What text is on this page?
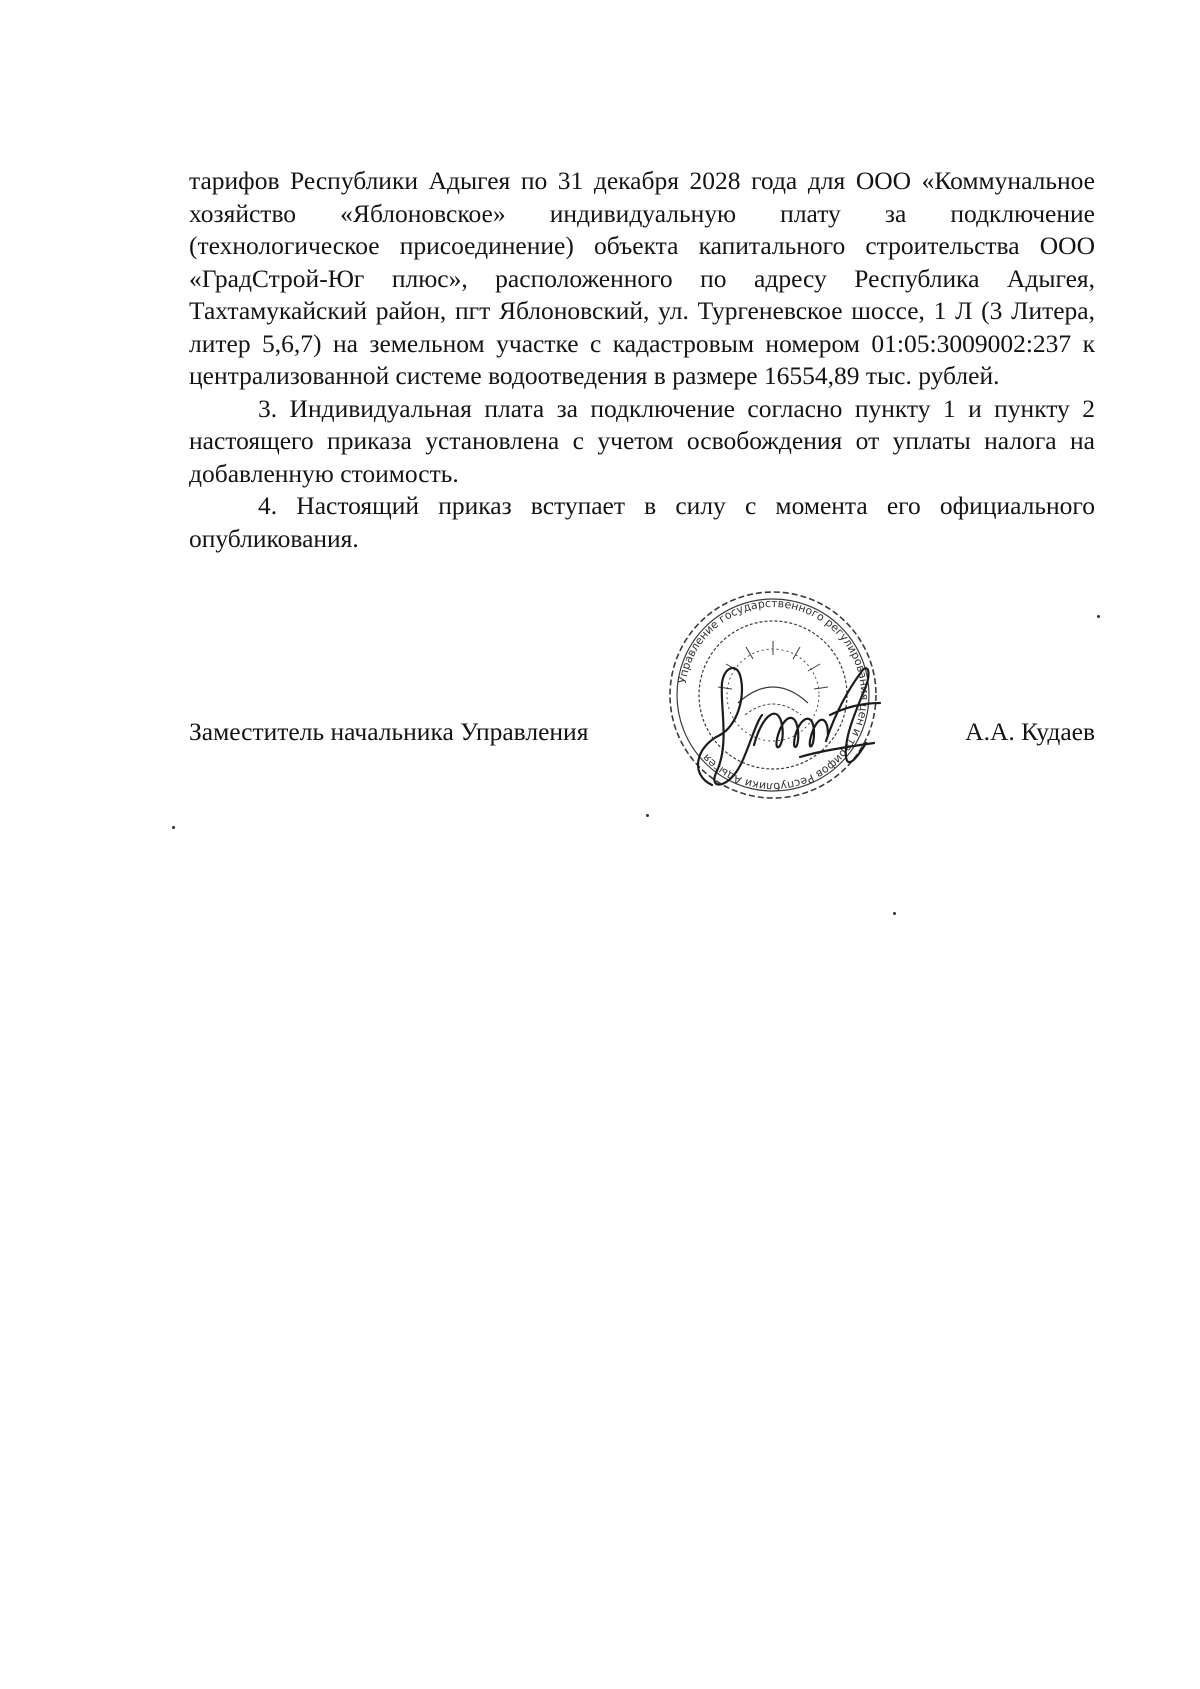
тарифов Республики Адыгея по 31 декабря 2028 года для ООО «Коммунальное хозяйство «Яблоновское» индивидуальную плату за подключение (технологическое присоединение) объекта капитального строительства ООО «ГрадСтрой-Юг плюс», расположенного по адресу Республика Адыгея, Тахтамукайский район, пгт Яблоновский, ул. Тургеневское шоссе, 1 Л (3 Литера, литер 5,6,7) на земельном участке с кадастровым номером 01:05:3009002:237 к централизованной системе водоотведения в размере 16554,89 тыс. рублей.

3. Индивидуальная плата за подключение согласно пункту 1 и пункту 2 настоящего приказа установлена с учетом освобождения от уплаты налога на добавленную стоимость.

4. Настоящий приказ вступает в силу с момента его официального опубликования.

Управление государственного регулирования цен и тарифов Республики Адыгея
Заместитель начальника Управления	А.А. Кудаев
